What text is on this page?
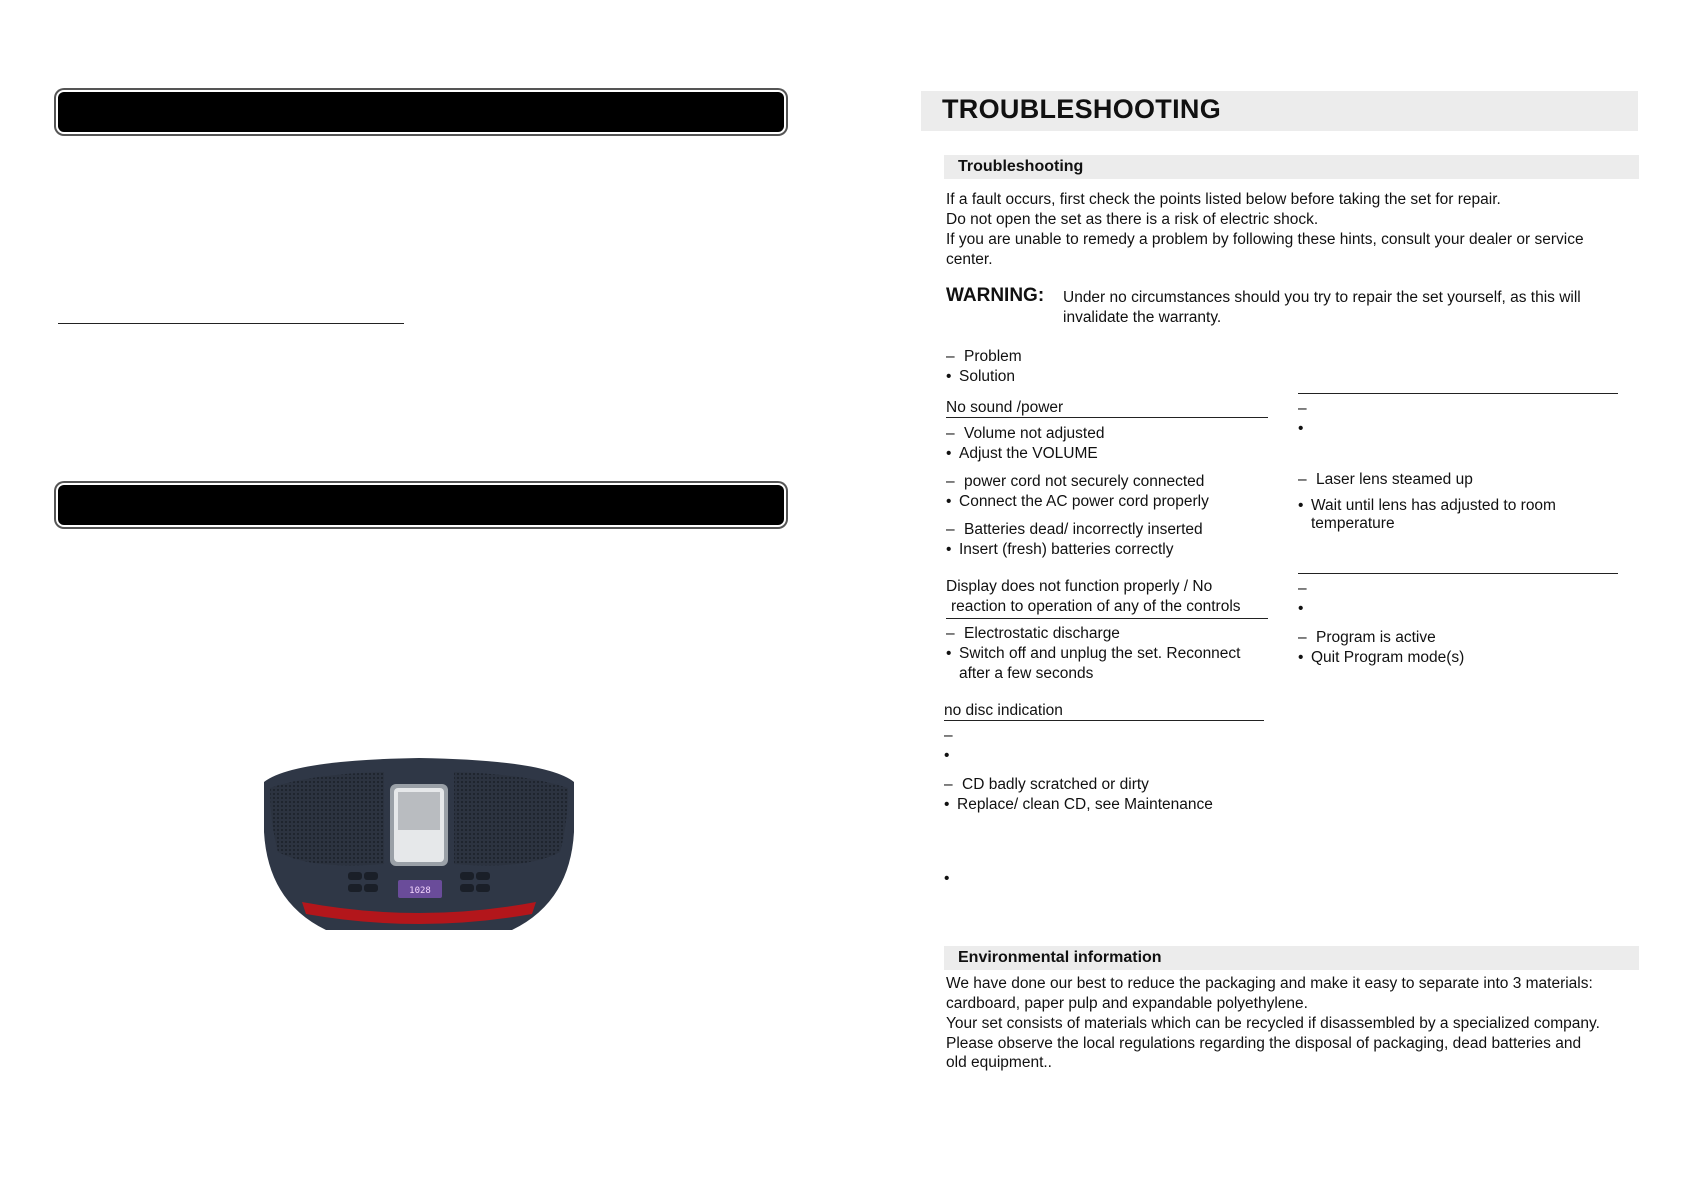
1028
TROUBLESHOOTING
Troubleshooting
If a fault occurs, first check the points listed below before taking the set for repair.
Do not open the set as there is a risk of electric shock.
If you are unable to remedy a problem by following these hints, consult your dealer or service
center.
WARNING: Under no circumstances should you try to repair the set yourself, as this will
invalidate the warranty.
– Problem
• Solution
No sound /power
– Volume not adjusted
• Adjust the VOLUME
– power cord not securely connected
• Connect the AC power cord properly
– Batteries dead/ incorrectly inserted
• Insert (fresh) batteries correctly
Display does not function properly / No
reaction to operation of any of the controls
– Electrostatic discharge
• Switch off and unplug the set. Reconnect
after a few seconds
no disc indication
–
•
– CD badly scratched or dirty
• Replace/ clean CD, see Maintenance
•
–
•
– Laser lens steamed up
• Wait until lens has adjusted to room
temperature
–
•
– Program is active
• Quit Program mode(s)
Environmental information
We have done our best to reduce the packaging and make it easy to separate into 3 materials:
cardboard, paper pulp and expandable polyethylene.
Your set consists of materials which can be recycled if disassembled by a specialized company.
Please observe the local regulations regarding the disposal of packaging, dead batteries and
old equipment..
